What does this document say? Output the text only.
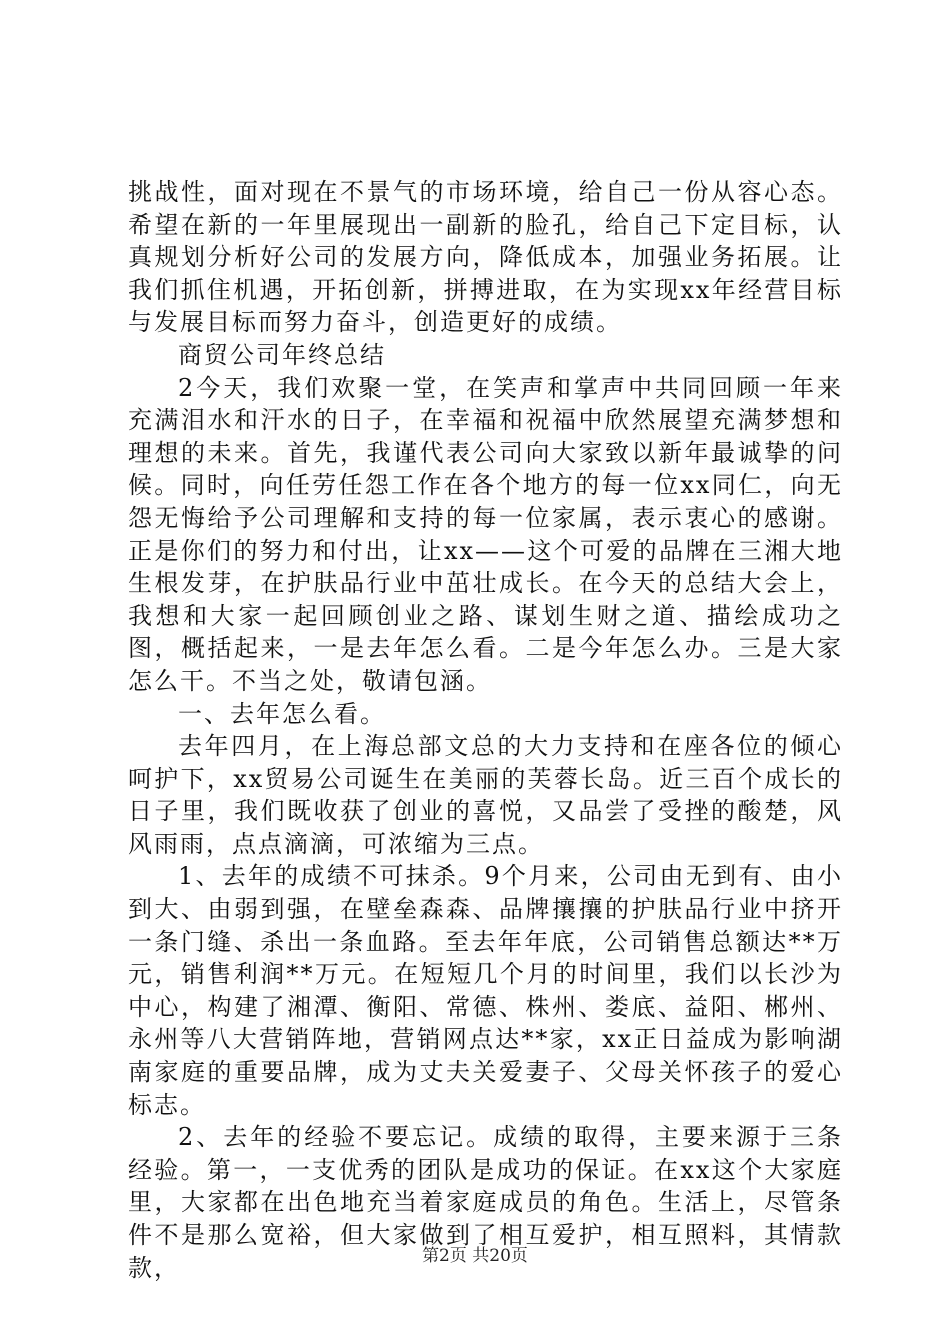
挑战性，面对现在不景气的市场环境，给自己一份从容心态。希望在新的一年里展现出一副新的脸孔，给自己下定目标，认真规划分析好公司的发展方向，降低成本，加强业务拓展。让我们抓住机遇，开拓创新，拼搏进取，在为实现xx年经营目标与发展目标而努力奋斗，创造更好的成绩。

商贸公司年终总结

2今天，我们欢聚一堂，在笑声和掌声中共同回顾一年来充满泪水和汗水的日子，在幸福和祝福中欣然展望充满梦想和理想的未来。首先，我谨代表公司向大家致以新年最诚挚的问候。同时，向任劳任怨工作在各个地方的每一位xx同仁，向无怨无悔给予公司理解和支持的每一位家属，表示衷心的感谢。正是你们的努力和付出，让xx——这个可爱的品牌在三湘大地生根发芽，在护肤品行业中茁壮成长。在今天的总结大会上，我想和大家一起回顾创业之路、谋划生财之道、描绘成功之图，概括起来，一是去年怎么看。二是今年怎么办。三是大家怎么干。不当之处，敬请包涵。

一、去年怎么看。

去年四月，在上海总部文总的大力支持和在座各位的倾心呵护下，xx贸易公司诞生在美丽的芙蓉长岛。近三百个成长的日子里，我们既收获了创业的喜悦，又品尝了受挫的酸楚，风风雨雨，点点滴滴，可浓缩为三点。

1、去年的成绩不可抹杀。9个月来，公司由无到有、由小到大、由弱到强，在壁垒森森、品牌攘攘的护肤品行业中挤开一条门缝、杀出一条血路。至去年年底，公司销售总额达**万元，销售利润**万元。在短短几个月的时间里，我们以长沙为中心，构建了湘潭、衡阳、常德、株州、娄底、益阳、郴州、永州等八大营销阵地，营销网点达**家，xx正日益成为影响湖南家庭的重要品牌，成为丈夫关爱妻子、父母关怀孩子的爱心标志。

2、去年的经验不要忘记。成绩的取得，主要来源于三条经验。第一，一支优秀的团队是成功的保证。在xx这个大家庭里，大家都在出色地充当着家庭成员的角色。生活上，尽管条件不是那么宽裕，但大家做到了相互爱护，相互照料，其情款款，	第2页 共20页
